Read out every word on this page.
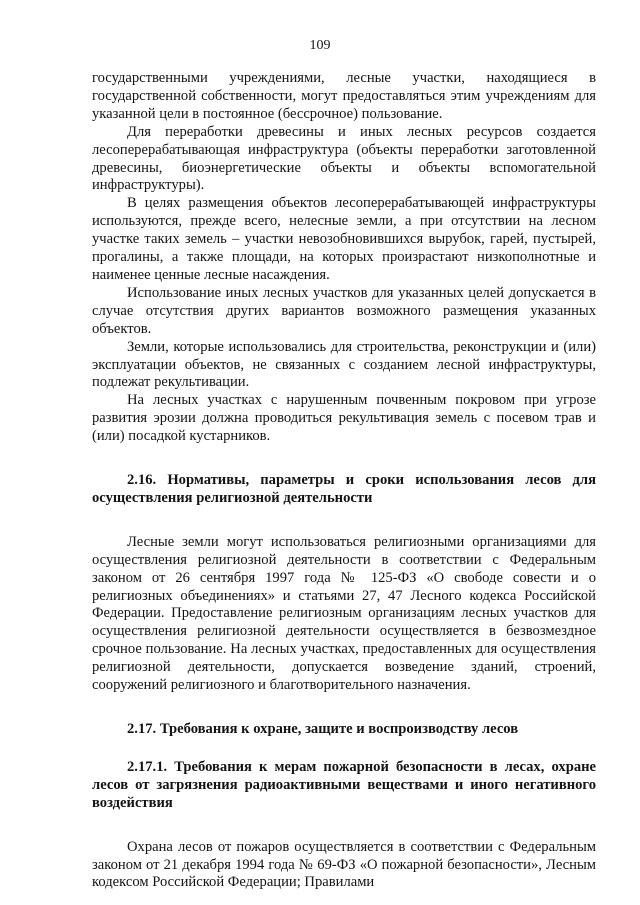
109

государственными учреждениями, лесные участки, находящиеся в государственной собственности, могут предоставляться этим учреждениям для указанной цели в постоянное (бессрочное) пользование.

Для переработки древесины и иных лесных ресурсов создается лесоперерабатывающая инфраструктура (объекты переработки заготовленной древесины, биоэнергетические объекты и объекты вспомогательной инфраструктуры).

В целях размещения объектов лесоперерабатывающей инфраструктуры используются, прежде всего, нелесные земли, а при отсутствии на лесном участке таких земель – участки невозобновившихся вырубок, гарей, пустырей, прогалины, а также площади, на которых произрастают низкополнотные и наименее ценные лесные насаждения.

Использование иных лесных участков для указанных целей допускается в случае отсутствия других вариантов возможного размещения указанных объектов.

Земли, которые использовались для строительства, реконструкции и (или) эксплуатации объектов, не связанных с созданием лесной инфраструктуры, подлежат рекультивации.

На лесных участках с нарушенным почвенным покровом при угрозе развития эрозии должна проводиться рекультивация земель с посевом трав и (или) посадкой кустарников.

2.16. Нормативы, параметры и сроки использования лесов для осуществления религиозной деятельности

Лесные земли могут использоваться религиозными организациями для осуществления религиозной деятельности в соответствии с Федеральным законом от 26 сентября 1997 года № 125-ФЗ «О свободе совести и о религиозных объединениях» и статьями 27, 47 Лесного кодекса Российской Федерации. Предоставление религиозным организациям лесных участков для осуществления религиозной деятельности осуществляется в безвозмездное срочное пользование. На лесных участках, предоставленных для осуществления религиозной деятельности, допускается возведение зданий, строений, сооружений религиозного и благотворительного назначения.

2.17. Требования к охране, защите и воспроизводству лесов

2.17.1. Требования к мерам пожарной безопасности в лесах, охране лесов от загрязнения радиоактивными веществами и иного негативного воздействия

Охрана лесов от пожаров осуществляется в соответствии с Федеральным законом от 21 декабря 1994 года № 69-ФЗ «О пожарной безопасности», Лесным кодексом Российской Федерации; Правилами
